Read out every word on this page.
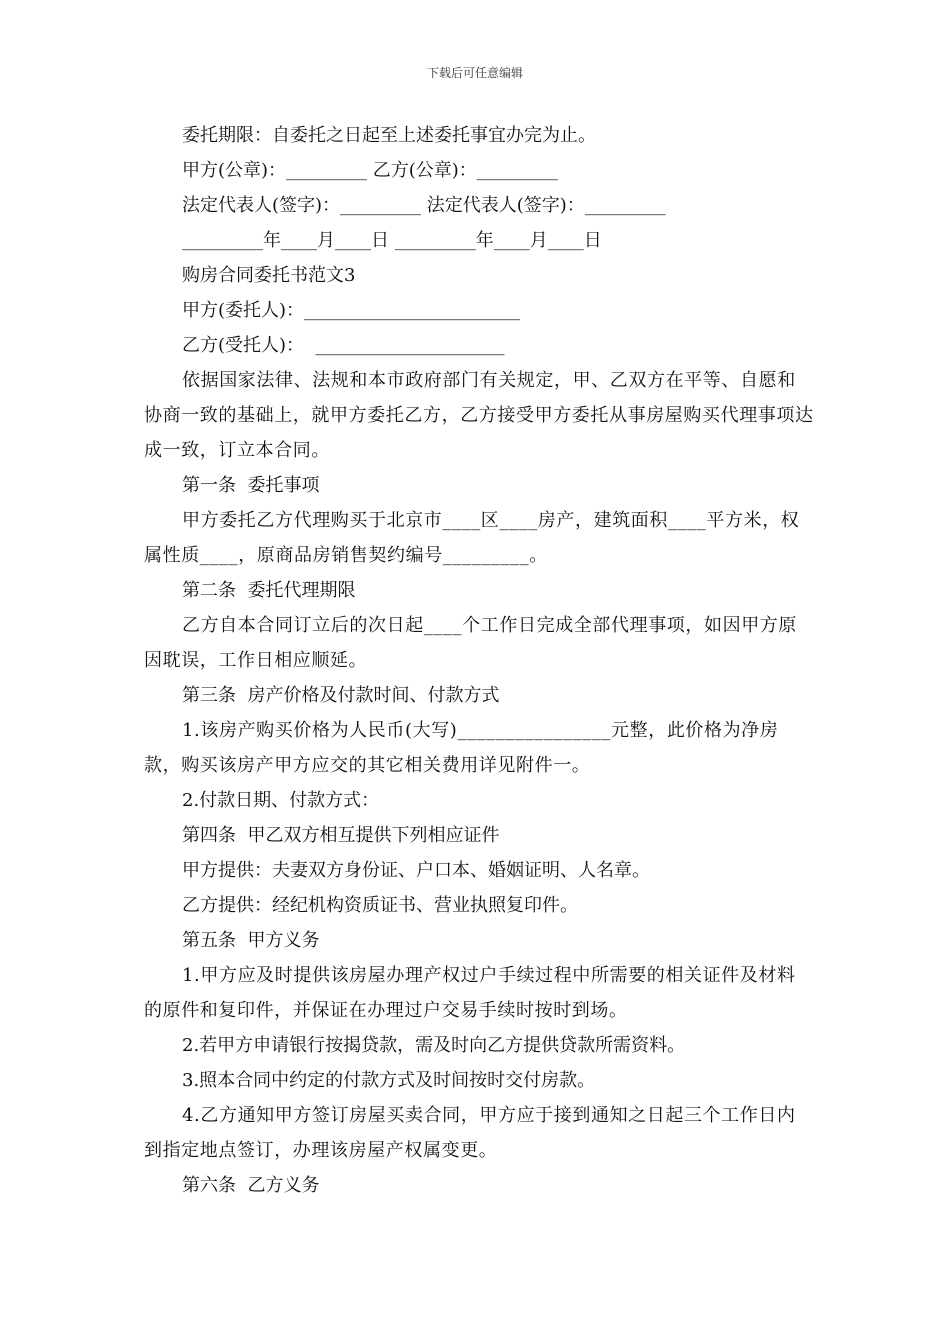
下载后可任意编辑
委托期限：自委托之日起至上述委托事宜办完为止。
甲方(公章)：_________ 乙方(公章)：_________
法定代表人(签字)：_________ 法定代表人(签字)：_________
_________年____月____日 _________年____月____日
购房合同委托书范文3
甲方(委托人)：________________________
乙方(受托人)：  _____________________
依据国家法律、法规和本市政府部门有关规定，甲、乙双方在平等、自愿和协商一致的基础上，就甲方委托乙方，乙方接受甲方委托从事房屋购买代理事项达成一致，订立本合同。
第一条  委托事项
甲方委托乙方代理购买于北京市____区____房产，建筑面积____平方米，权属性质____，原商品房销售契约编号_________。
第二条  委托代理期限
乙方自本合同订立后的次日起____个工作日完成全部代理事项，如因甲方原因耽误，工作日相应顺延。
第三条  房产价格及付款时间、付款方式
1.该房产购买价格为人民币(大写)________________元整，此价格为净房款，购买该房产甲方应交的其它相关费用详见附件一。
2.付款日期、付款方式：
第四条  甲乙双方相互提供下列相应证件
甲方提供：夫妻双方身份证、户口本、婚姻证明、人名章。
乙方提供：经纪机构资质证书、营业执照复印件。
第五条  甲方义务
1.甲方应及时提供该房屋办理产权过户手续过程中所需要的相关证件及材料的原件和复印件，并保证在办理过户交易手续时按时到场。
2.若甲方申请银行按揭贷款，需及时向乙方提供贷款所需资料。
3.照本合同中约定的付款方式及时间按时交付房款。
4.乙方通知甲方签订房屋买卖合同，甲方应于接到通知之日起三个工作日内到指定地点签订，办理该房屋产权属变更。
第六条  乙方义务
